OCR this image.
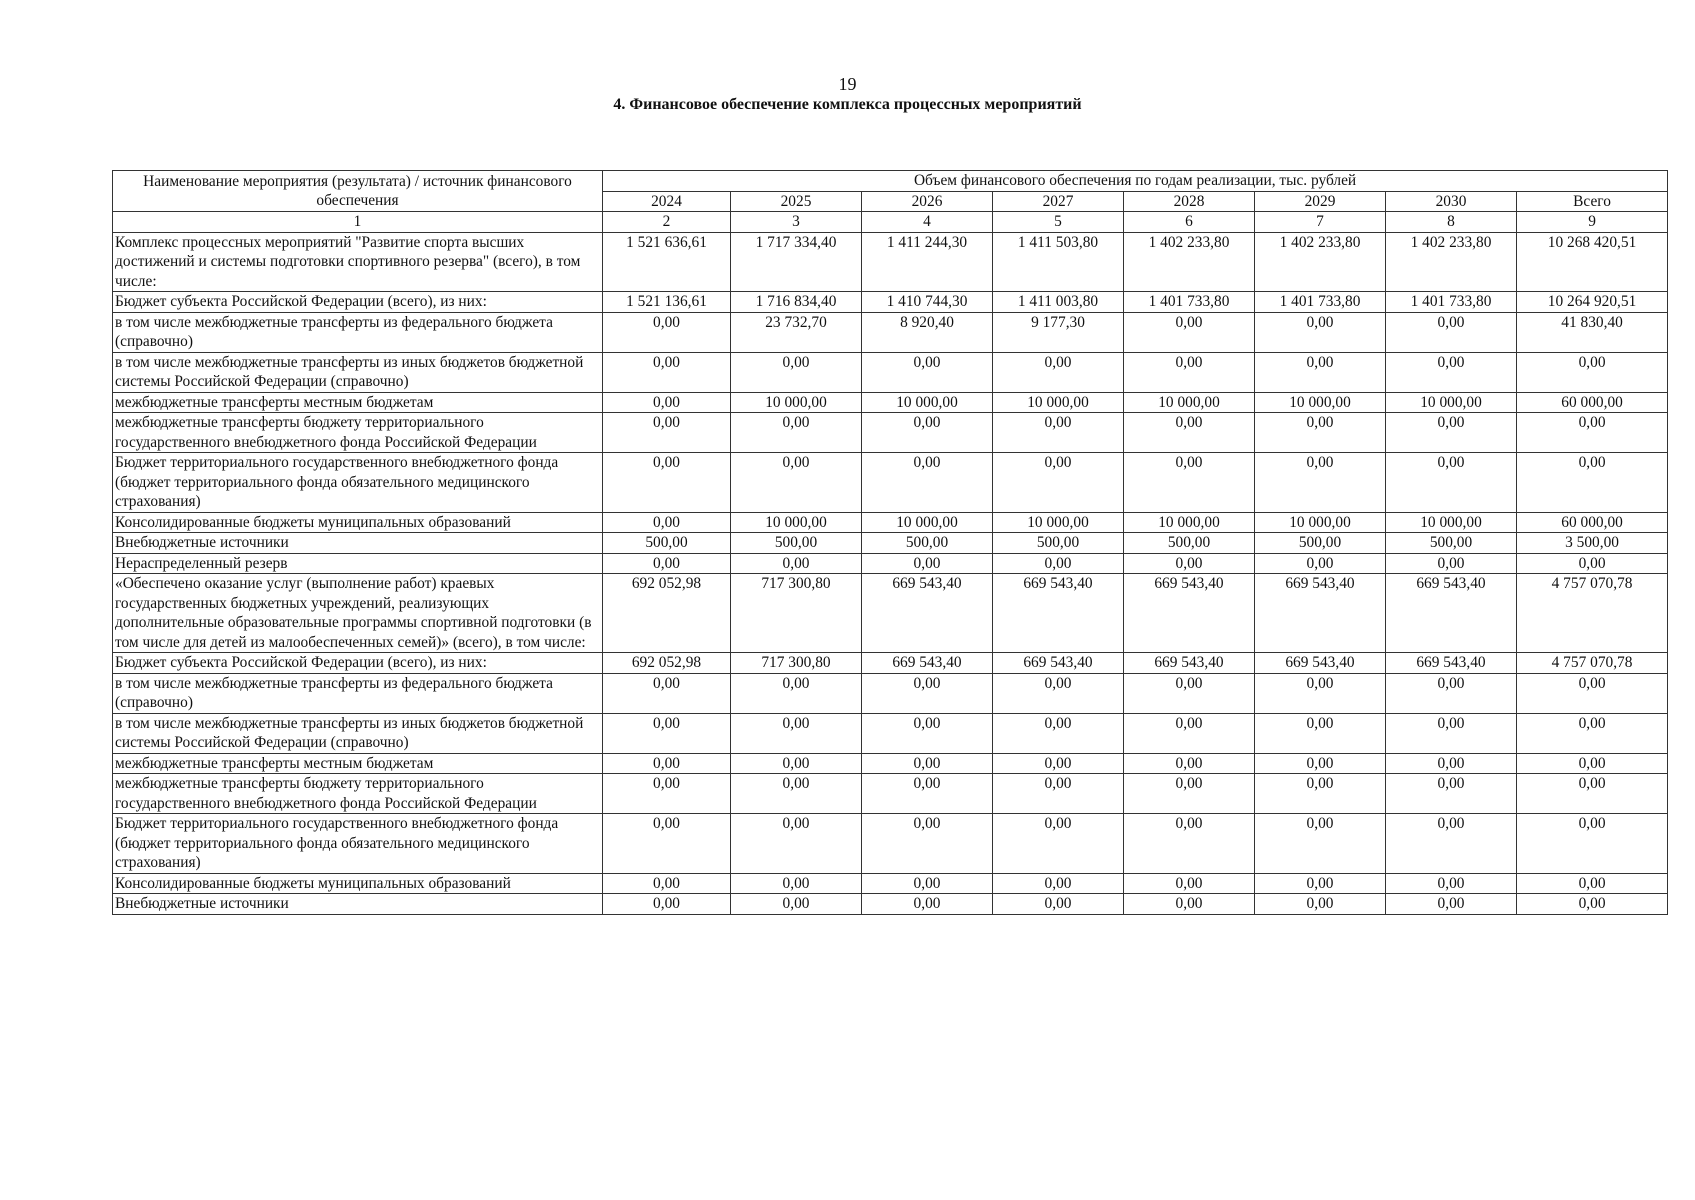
19
4. Финансовое обеспечение комплекса процессных мероприятий
Наименование мероприятия (результата) / источник финансового обеспечения	Объем финансового обеспечения по годам реализации, тыс. рублей							
	2024	2025	2026	2027	2028	2029	2030	Всего
1	2	3	4	5	6	7	8	9
Комплекс процессных мероприятий "Развитие спорта высших достижений и системы подготовки спортивного резерва" (всего), в том числе:	1 521 636,61	1 717 334,40	1 411 244,30	1 411 503,80	1 402 233,80	1 402 233,80	1 402 233,80	10 268 420,51
Бюджет субъекта Российской Федерации (всего), из них:	1 521 136,61	1 716 834,40	1 410 744,30	1 411 003,80	1 401 733,80	1 401 733,80	1 401 733,80	10 264 920,51
в том числе межбюджетные трансферты из федерального бюджета (справочно)	0,00	23 732,70	8 920,40	9 177,30	0,00	0,00	0,00	41 830,40
в том числе межбюджетные трансферты из иных бюджетов бюджетной системы Российской Федерации (справочно)	0,00	0,00	0,00	0,00	0,00	0,00	0,00	0,00
межбюджетные трансферты местным бюджетам	0,00	10 000,00	10 000,00	10 000,00	10 000,00	10 000,00	10 000,00	60 000,00
межбюджетные трансферты бюджету территориального государственного внебюджетного фонда Российской Федерации	0,00	0,00	0,00	0,00	0,00	0,00	0,00	0,00
Бюджет территориального государственного внебюджетного фонда (бюджет территориального фонда обязательного медицинского страхования)	0,00	0,00	0,00	0,00	0,00	0,00	0,00	0,00
Консолидированные бюджеты муниципальных образований	0,00	10 000,00	10 000,00	10 000,00	10 000,00	10 000,00	10 000,00	60 000,00
Внебюджетные источники	500,00	500,00	500,00	500,00	500,00	500,00	500,00	3 500,00
Нераспределенный резерв	0,00	0,00	0,00	0,00	0,00	0,00	0,00	0,00
«Обеспечено оказание услуг (выполнение работ) краевых государственных бюджетных учреждений, реализующих дополнительные образовательные программы спортивной подготовки (в том числе для детей из малообеспеченных семей)» (всего), в том числе:	692 052,98	717 300,80	669 543,40	669 543,40	669 543,40	669 543,40	669 543,40	4 757 070,78
Бюджет субъекта Российской Федерации (всего), из них:	692 052,98	717 300,80	669 543,40	669 543,40	669 543,40	669 543,40	669 543,40	4 757 070,78
в том числе межбюджетные трансферты из федерального бюджета (справочно)	0,00	0,00	0,00	0,00	0,00	0,00	0,00	0,00
в том числе межбюджетные трансферты из иных бюджетов бюджетной системы Российской Федерации (справочно)	0,00	0,00	0,00	0,00	0,00	0,00	0,00	0,00
межбюджетные трансферты местным бюджетам	0,00	0,00	0,00	0,00	0,00	0,00	0,00	0,00
межбюджетные трансферты бюджету территориального государственного внебюджетного фонда Российской Федерации	0,00	0,00	0,00	0,00	0,00	0,00	0,00	0,00
Бюджет территориального государственного внебюджетного фонда (бюджет территориального фонда обязательного медицинского страхования)	0,00	0,00	0,00	0,00	0,00	0,00	0,00	0,00
Консолидированные бюджеты муниципальных образований	0,00	0,00	0,00	0,00	0,00	0,00	0,00	0,00
Внебюджетные источники	0,00	0,00	0,00	0,00	0,00	0,00	0,00	0,00
